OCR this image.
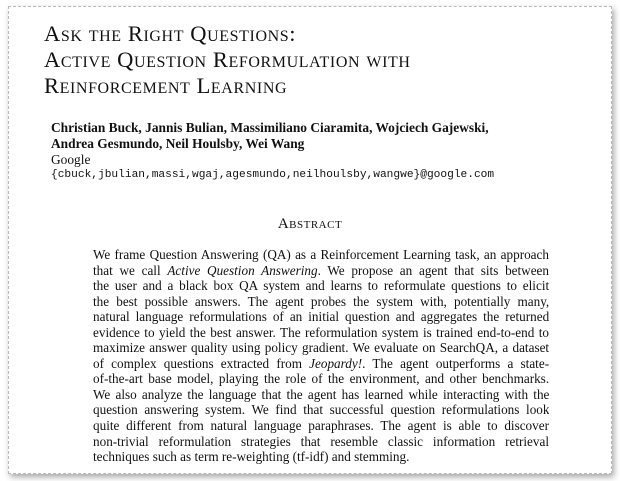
Ask the Right Questions:
Active Question Reformulation with
Reinforcement Learning
Christian Buck, Jannis Bulian, Massimiliano Ciaramita, Wojciech Gajewski,
Andrea Gesmundo, Neil Houlsby, Wei Wang
Google
{cbuck,jbulian,massi,wgaj,agesmundo,neilhoulsby,wangwe}@google.com
Abstract
We frame Question Answering (QA) as a Reinforcement Learning task, an approach
that we call Active Question Answering. We propose an agent that sits between
the user and a black box QA system and learns to reformulate questions to elicit
the best possible answers. The agent probes the system with, potentially many,
natural language reformulations of an initial question and aggregates the returned
evidence to yield the best answer. The reformulation system is trained end-to-end to
maximize answer quality using policy gradient. We evaluate on SearchQA, a dataset
of complex questions extracted from Jeopardy!. The agent outperforms a state-
of-the-art base model, playing the role of the environment, and other benchmarks.
We also analyze the language that the agent has learned while interacting with the
question answering system. We find that successful question reformulations look
quite different from natural language paraphrases. The agent is able to discover
non-trivial reformulation strategies that resemble classic information retrieval
techniques such as term re-weighting (tf-idf) and stemming.
